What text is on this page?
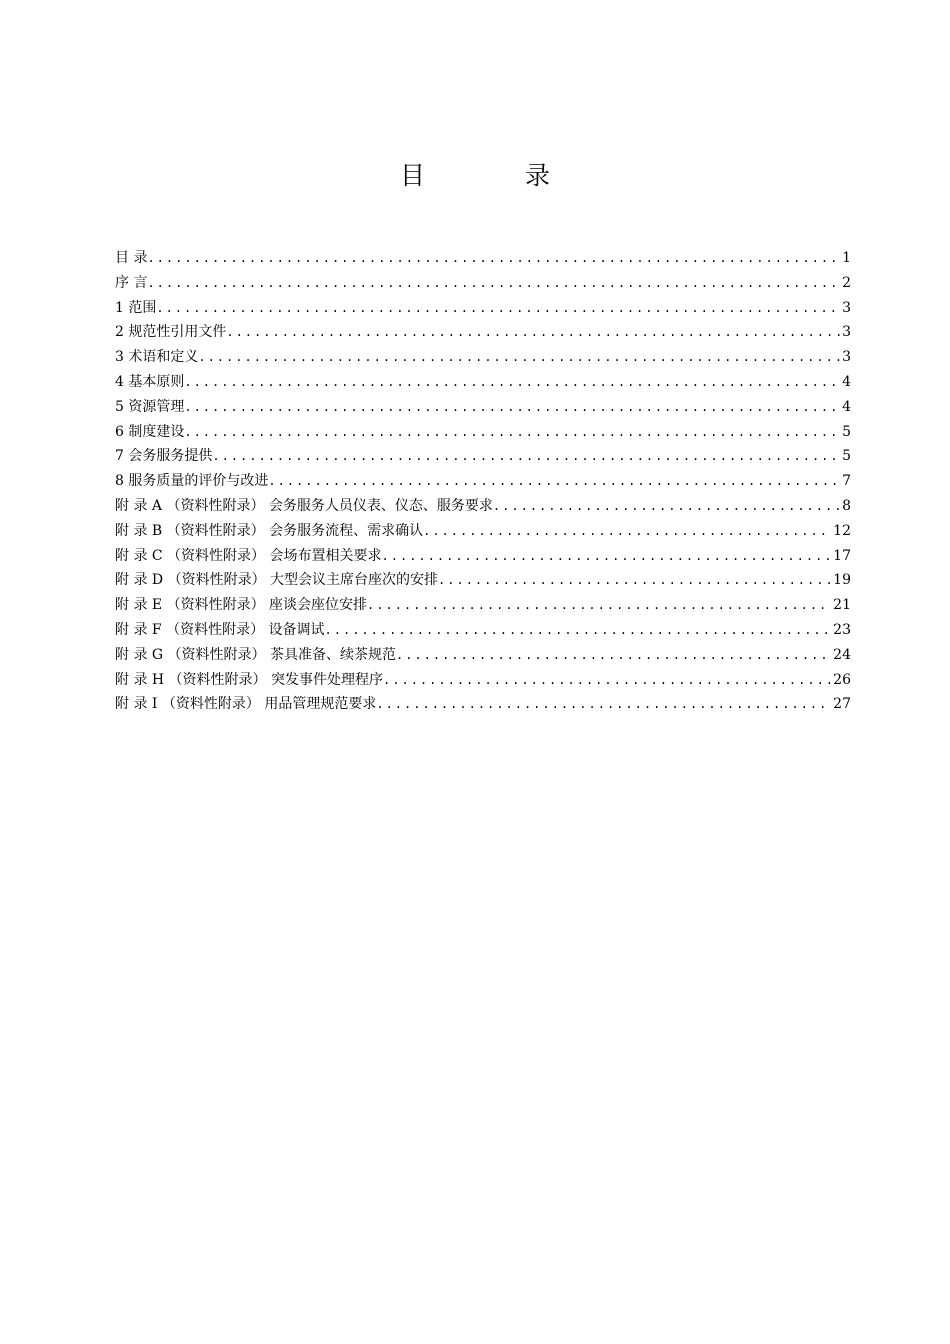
目 录
目 录 .....	1
序 言 .....	2
1 范围 .....	3
2 规范性引用文件 .....	3
3 术语和定义 .....	3
4 基本原则 .....	4
5 资源管理 .....	4
6 制度建设 .....	5
7 会务服务提供 .....	5
8 服务质量的评价与改进 .....	7
附 录 A （资料性附录） 会务服务人员仪表、仪态、服务要求 .....	8
附 录 B （资料性附录） 会务服务流程、需求确认 .....	12
附 录 C （资料性附录） 会场布置相关要求 .....	17
附 录 D （资料性附录） 大型会议主席台座次的安排 .....	19
附 录 E （资料性附录） 座谈会座位安排 .....	21
附 录 F （资料性附录） 设备调试 .....	23
附 录 G （资料性附录） 茶具准备、续茶规范 .....	24
附 录 H （资料性附录） 突发事件处理程序 .....	26
附 录 I （资料性附录） 用品管理规范要求 .....	27
